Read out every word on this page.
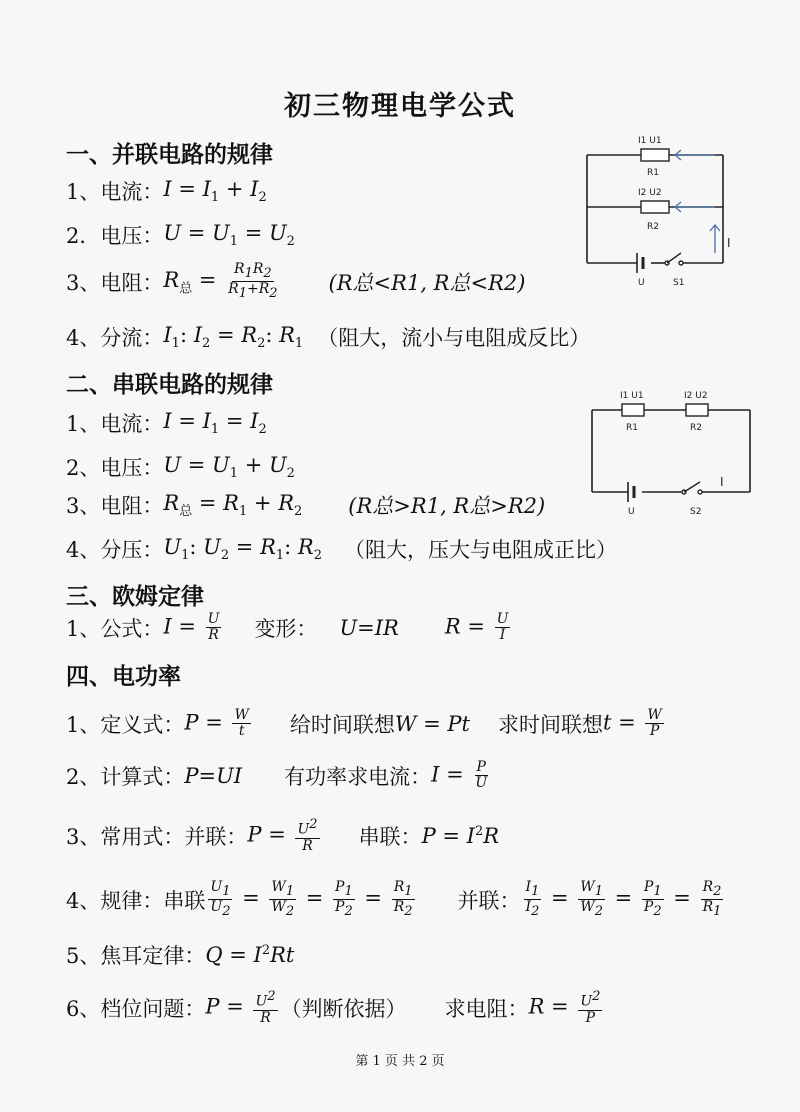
初三物理电学公式
一、并联电路的规律
1、电流： $I = I_1 + I_2$
2．电压： $U = U_1 = U_2$
3、电阻： $R_总 = \frac{R_1R_2}{R_1+R_2} (R$总<R1, R总<R2)
4、分流： $I_1$: $I_2 = R_2$: $R_1$ （阻大，流小与电阻成反比）
二、串联电路的规律
1、电流： $I = I_1 = I_2$
2、电压： $U = U_1 + U_2$
3、电阻： $R_总 = R_1 + R_2$ (R总>R1, R总>R2)
4、分压： $U_1$: $U_2 = R_1$: $R_2$ （阻大，压大与电阻成正比）
三、欧姆定律
1、公式： $I = \frac{U}{R}$ 变形： U=IR $R = \frac{U}{I}$
四、电功率
1、定义式： $P = \frac{W}{t}$ 给时间联想 W = Pt 求时间联想 $t = \frac{W}{P}$
2、计算式： P=UI 有功率求电流： $I = \frac{P}{U}$
3、常用式：并联： $P = \frac{U^2}{R}$ 串联： $P = I^2R$
4、规律：串联 $\frac{U_1}{U_2} = \frac{W_1}{W_2} = \frac{P_1}{P_2} = \frac{R_1}{R_2}$ 并联： $\frac{I_1}{I_2} = \frac{W_1}{W_2} = \frac{P_1}{P_2} = \frac{R_2}{R_1}$
5、焦耳定律： $Q = I^2Rt$
6、档位问题： $P = \frac{U^2}{R}$ （判断依据） 求电阻： $R = \frac{U^2}{P}$
I1 U1
R1
I2 U2
R2
U	S1
I
I1 U1
R1
I2 U2
R2
U	S2
I
第 1 页 共 2 页
